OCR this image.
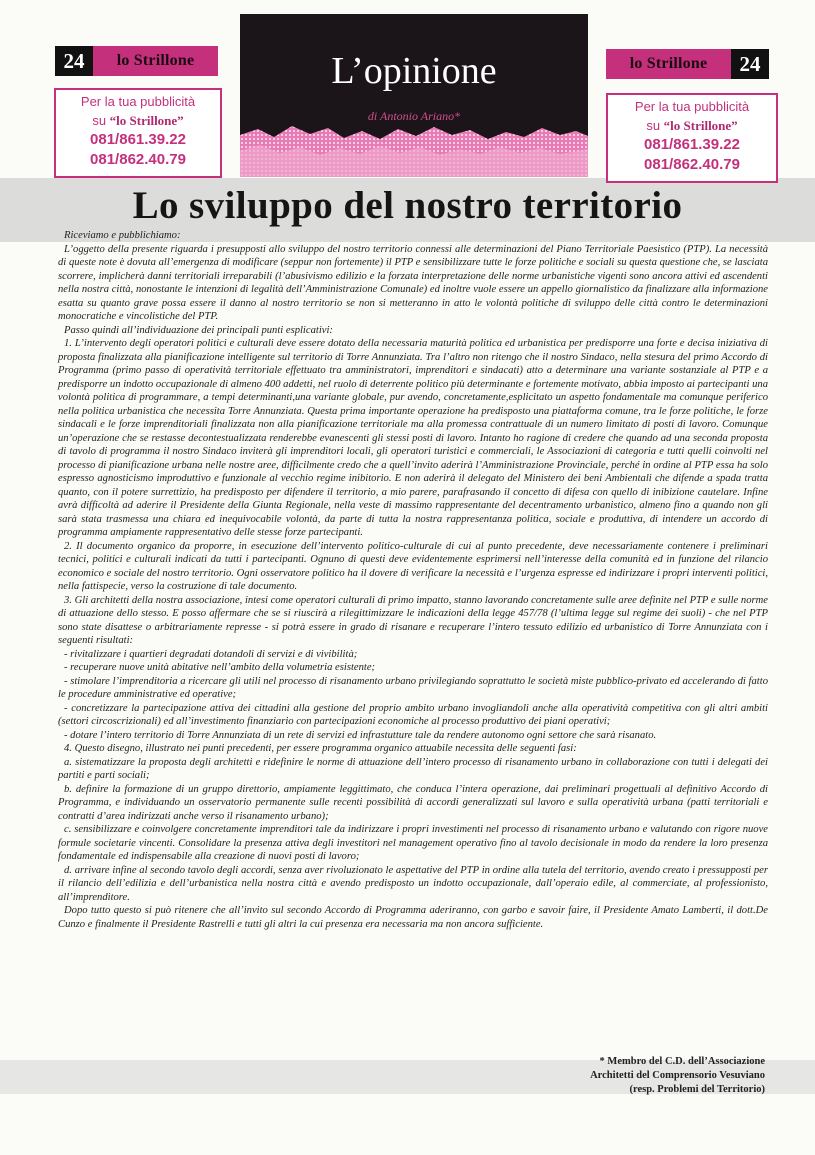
24	lo Strillone	lo Strillone	24
Per la tua pubblicità
su “lo Strillone”
081/861.39.22
081/862.40.79
Per la tua pubblicità
su “lo Strillone”
081/861.39.22
081/862.40.79
L’opinione
di Antonio Ariano*
Lo sviluppo del nostro territorio

Riceviamo e pubblichiamo:

L’oggetto della presente riguarda i presupposti allo sviluppo del nostro territorio connessi alle determinazioni del Piano Territoriale Paesistico (PTP). La necessità di queste note è dovuta all’emergenza di modificare (seppur non fortemente) il PTP e sensibilizzare tutte le forze politiche e sociali su questa questione che, se lasciata scorrere, implicherà danni territoriali irreparabili (l’abusivismo edilizio e la forzata interpretazione delle norme urbanistiche vigenti sono ancora attivi ed ascendenti nella nostra città, nonostante le intenzioni di legalità dell’Amministrazione Comunale) ed inoltre vuole essere un appello giornalistico da finalizzare alla informazione esatta su quanto grave possa essere il danno al nostro territorio se non si metteranno in atto le volontà politiche di sviluppo delle città contro le determinazioni monocratiche e vincolistiche del PTP.

Passo quindi all’individuazione dei principali punti esplicativi:

1. L’intervento degli operatori politici e culturali deve essere dotato della necessaria maturità politica ed urbanistica per predisporre una forte e decisa iniziativa di proposta finalizzata alla pianificazione intelligente sul territorio di Torre Annunziata. Tra l’altro non ritengo che il nostro Sindaco, nella stesura del primo Accordo di Programma (primo passo di operatività territoriale effettuato tra amministratori, imprenditori e sindacati) atto a determinare una variante sostanziale al PTP e a predisporre un indotto occupazionale di almeno 400 addetti, nel ruolo di deterrente politico più determinante e fortemente motivato, abbia imposto ai partecipanti una volontà politica di programmare, a tempi determinanti,una variante globale, pur avendo, concretamente,esplicitato un aspetto fondamentale ma comunque periferico nella politica urbanistica che necessita Torre Annunziata. Questa prima importante operazione ha predisposto una piattaforma comune, tra le forze politiche, le forze sindacali e le forze imprenditoriali finalizzata non alla pianificazione territoriale ma alla promessa contrattuale di un numero limitato di posti di lavoro. Comunque un’operazione che se restasse decontestualizzata renderebbe evanescenti gli stessi posti di lavoro. Intanto ho ragione di credere che quando ad una seconda proposta di tavolo di programma il nostro Sindaco inviterà gli imprenditori locali, gli operatori turistici e commerciali, le Associazioni di categoria e tutti quelli coinvolti nel processo di pianificazione urbana nelle nostre aree, difficilmente credo che a quell’invito aderirà l’Amministrazione Provinciale, perché in ordine al PTP essa ha solo espresso agnosticismo improduttivo e funzionale al vecchio regime inibitorio. E non aderirà il delegato del Ministero dei beni Ambientali che difende a spada tratta quanto, con il potere surrettizio, ha predisposto per difendere il territorio, a mio parere, parafrasando il concetto di difesa con quello di inibizione cautelare. Infine avrà difficoltà ad aderire il Presidente della Giunta Regionale, nella veste di massimo rappresentante del decentramento urbanistico, almeno fino a quando non gli sarà stata trasmessa una chiara ed inequivocabile volontà, da parte di tutta la nostra rappresentanza politica, sociale e produttiva, di intendere un accordo di programma ampiamente rappresentativo delle stesse forze partecipanti.

2. Il documento organico da proporre, in esecuzione dell’intervento politico-culturale di cui al punto precedente, deve necessariamente contenere i preliminari tecnici, politici e culturali indicati da tutti i partecipanti. Ognuno di questi deve evidentemente esprimersi nell’interesse della comunità ed in funzione del rilancio economico e sociale del nostro territorio. Ogni osservatore politico ha il dovere di verificare la necessità e l’urgenza espresse ed indirizzare i propri interventi politici, nella fattispecie, verso la costruzione di tale documento.

3. Gli architetti della nostra associazione, intesi come operatori culturali di primo impatto, stanno lavorando concretamente sulle aree definite nel PTP e sulle norme di attuazione dello stesso. E posso affermare che se si riuscirà a rilegittimizzare le indicazioni della legge 457/78 (l’ultima legge sul regime dei suoli) - che nel PTP sono state disattese o arbitrariamente represse - si potrà essere in grado di risanare e recuperare l’intero tessuto edilizio ed urbanistico di Torre Annunziata con i seguenti risultati:

- rivitalizzare i quartieri degradati dotandoli di servizi e di vivibilità;

- recuperare nuove unità abitative nell’ambito della volumetria esistente;

- stimolare l’imprenditoria a ricercare gli utili nel processo di risanamento urbano privilegiando soprattutto le società miste pubblico-privato ed accelerando di fatto le procedure amministrative ed operative;

- concretizzare la partecipazione attiva dei cittadini alla gestione del proprio ambito urbano invogliandoli anche alla operatività competitiva con gli altri ambiti (settori circoscrizionali) ed all’investimento finanziario con partecipazioni economiche al processo produttivo dei piani operativi;

- dotare l’intero territorio di Torre Annunziata di un rete di servizi ed infrastutture tale da rendere autonomo ogni settore che sarà risanato.

4. Questo disegno, illustrato nei punti precedenti, per essere programma organico attuabile necessita delle seguenti fasi:

a. sistematizzare la proposta degli architetti e ridefinire le norme di attuazione dell’intero processo di risanamento urbano in collaborazione con tutti i delegati dei partiti e parti sociali;

b. definire la formazione di un gruppo direttorio, ampiamente leggittimato, che conduca l’intera operazione, dai preliminari progettuali al definitivo Accordo di Programma, e individuando un osservatorio permanente sulle recenti possibilità di accordi generalizzati sul lavoro e sulla operatività urbana (patti territoriali e contratti d’area indirizzati anche verso il risanamento urbano);

c. sensibilizzare e coinvolgere concretamente imprenditori tale da indirizzare i propri investimenti nel processo di risanamento urbano e valutando con rigore nuove formule societarie vincenti. Consolidare la presenza attiva degli investitori nel management operativo fino al tavolo decisionale in modo da rendere la loro presenza fondamentale ed indispensabile alla creazione di nuovi posti di lavoro;

d. arrivare infine al secondo tavolo degli accordi, senza aver rivoluzionato le aspettative del PTP in ordine alla tutela del territorio, avendo creato i pressupposti per il rilancio dell’edilizia e dell’urbanistica nella nostra città e avendo predisposto un indotto occupazionale, dall’operaio edile, al commerciate, al professionisto, all’imprenditore.

Dopo tutto questo si può ritenere che all’invito sul secondo Accordo di Programma aderiranno, con garbo e savoir faire, il Presidente Amato Lamberti, il dott.De Cunzo e finalmente il Presidente Rastrelli e tutti gli altri la cui presenza era necessaria ma non ancora sufficiente.

* Membro del C.D. dell’Associazione
Architetti del Comprensorio Vesuviano
(resp. Problemi del Territorio)
